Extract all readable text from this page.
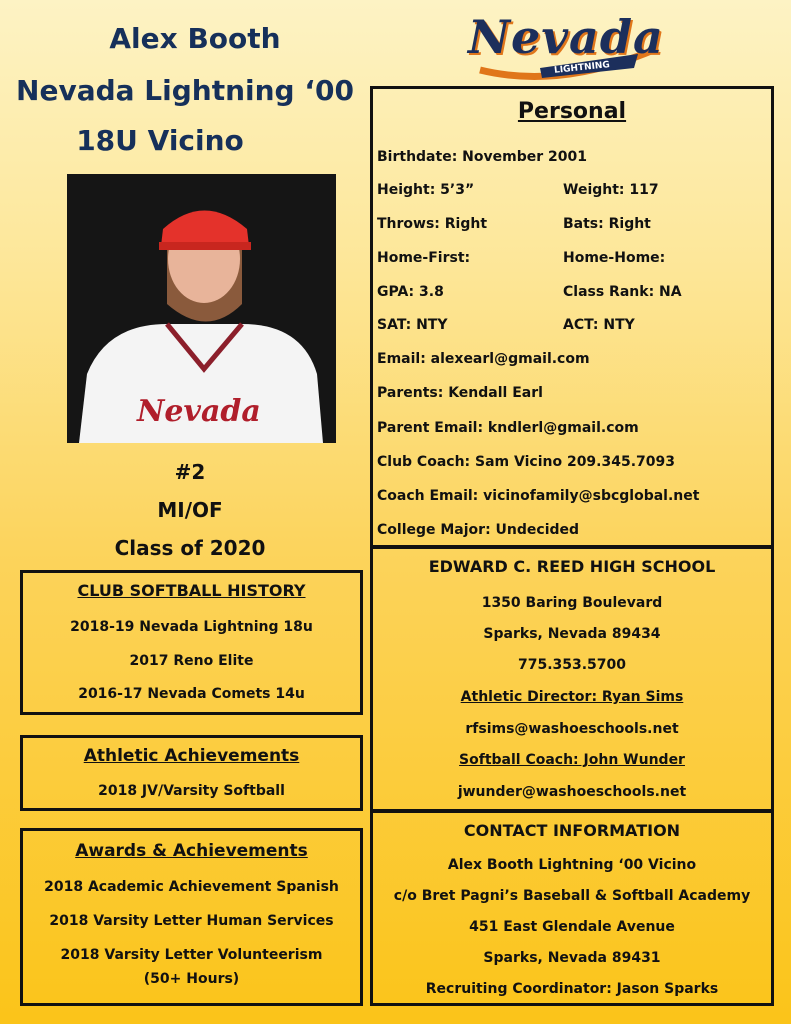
Alex Booth
Nevada Lightning ‘00
18U Vicino
Nevada
LIGHTNING
Nevada
#2
MI/OF
Class of 2020
CLUB SOFTBALL HISTORY
2018-19 Nevada Lightning 18u
2017 Reno Elite
2016-17 Nevada Comets 14u
Athletic Achievements
2018 JV/Varsity Softball
Awards & Achievements
2018 Academic Achievement Spanish
2018 Varsity Letter Human Services
2018 Varsity Letter Volunteerism
(50+ Hours)
Personal
Birthdate: November 2001
Height: 5’3”	Weight: 117
Throws: Right	Bats: Right
Home-First:	Home-Home:
GPA: 3.8	Class Rank: NA
SAT: NTY	ACT: NTY
Email: alexearl@gmail.com
Parents: Kendall Earl
Parent Email: kndlerl@gmail.com
Club Coach: Sam Vicino 209.345.7093
Coach Email: vicinofamily@sbcglobal.net
College Major: Undecided
EDWARD C. REED HIGH SCHOOL
1350 Baring Boulevard
Sparks, Nevada 89434
775.353.5700
Athletic Director: Ryan Sims
rfsims@washoeschools.net
Softball Coach: John Wunder
jwunder@washoeschools.net
CONTACT INFORMATION
Alex Booth Lightning ‘00 Vicino
c/o Bret Pagni’s Baseball & Softball Academy
451 East Glendale Avenue
Sparks, Nevada 89431
Recruiting Coordinator: Jason Sparks
